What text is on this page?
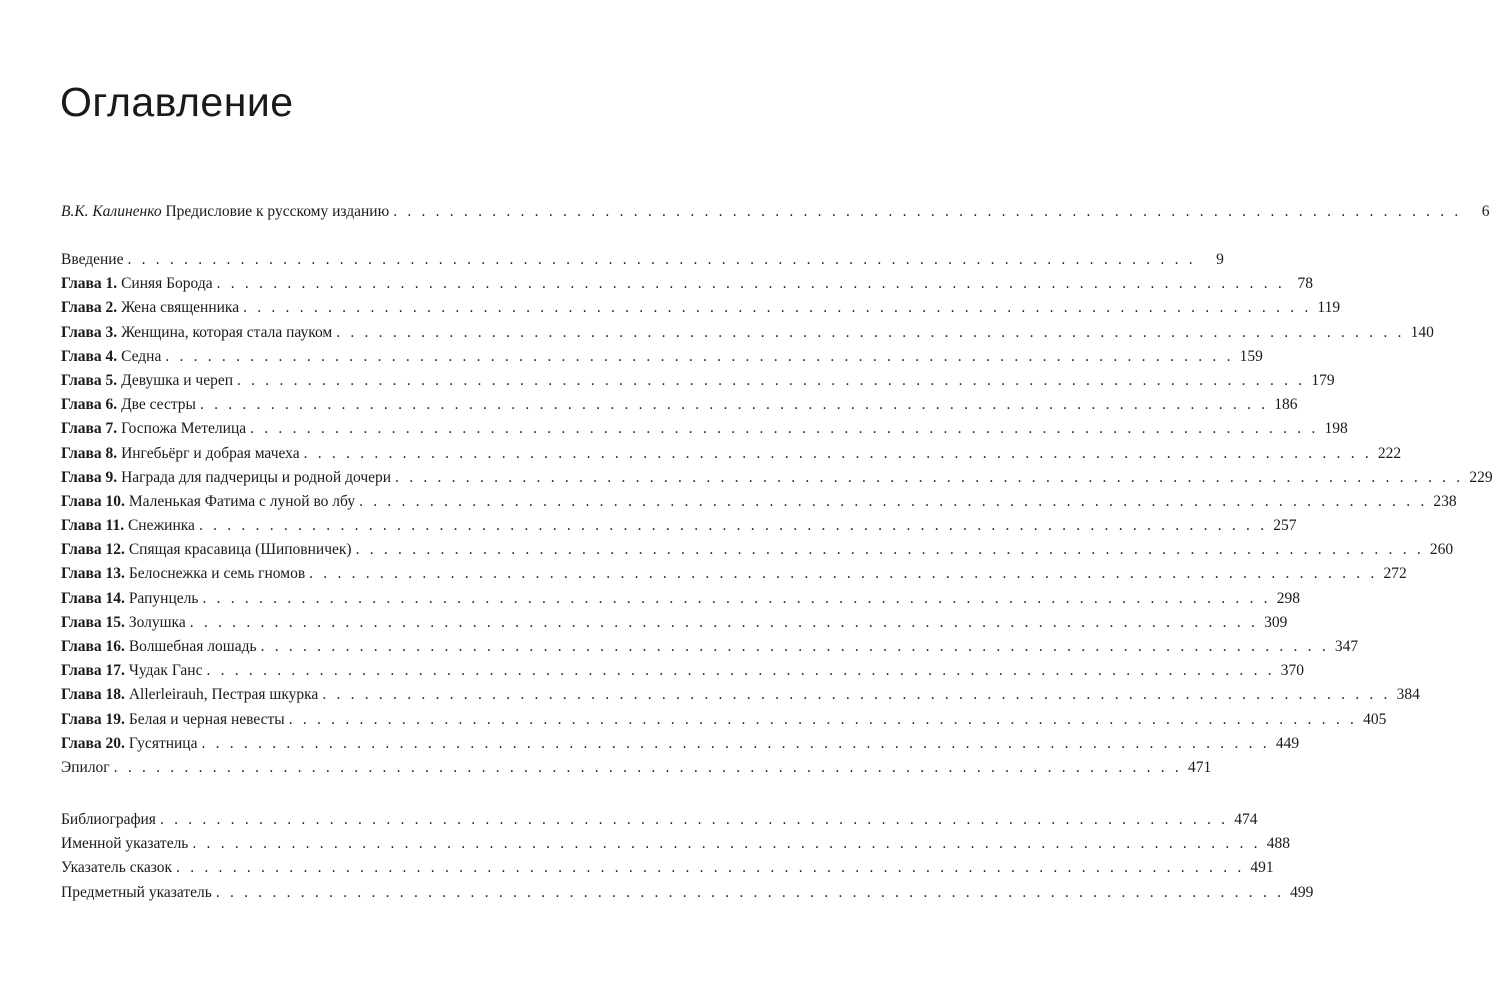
Оглавление
В.К. Калиненко Предисловие к русскому изданию . . . . . . . . . . . . . . . . . . . . . . . . . . . . . . . . . . . . . . . . . . . . . . . . . . . . . . . . . . . . . . . . . . . . . . . . . . . .	6
Введение . . . . . . . . . . . . . . . . . . . . . . . . . . . . . . . . . . . . . . . . . . . . . . . . . . . . . . . . . . . . . . . . . . . . . . . . . . . .	9
Глава 1. Синяя Борода . . . . . . . . . . . . . . . . . . . . . . . . . . . . . . . . . . . . . . . . . . . . . . . . . . . . . . . . . . . . . . . . . . . . . . . . . . . . 78
Глава 2. Жена священника . . . . . . . . . . . . . . . . . . . . . . . . . . . . . . . . . . . . . . . . . . . . . . . . . . . . . . . . . . . . . . . . . . . . . . . . . . . . 119
Глава 3. Женщина, которая стала пауком . . . . . . . . . . . . . . . . . . . . . . . . . . . . . . . . . . . . . . . . . . . . . . . . . . . . . . . . . . . . . . . . . . . . . . . . . . . . 140
Глава 4. Седна . . . . . . . . . . . . . . . . . . . . . . . . . . . . . . . . . . . . . . . . . . . . . . . . . . . . . . . . . . . . . . . . . . . . . . . . . . . . 159
Глава 5. Девушка и череп . . . . . . . . . . . . . . . . . . . . . . . . . . . . . . . . . . . . . . . . . . . . . . . . . . . . . . . . . . . . . . . . . . . . . . . . . . . . 179
Глава 6. Две сестры . . . . . . . . . . . . . . . . . . . . . . . . . . . . . . . . . . . . . . . . . . . . . . . . . . . . . . . . . . . . . . . . . . . . . . . . . . . . 186
Глава 7. Госпожа Метелица . . . . . . . . . . . . . . . . . . . . . . . . . . . . . . . . . . . . . . . . . . . . . . . . . . . . . . . . . . . . . . . . . . . . . . . . . . . . 198
Глава 8. Ингебьёрг и добрая мачеха . . . . . . . . . . . . . . . . . . . . . . . . . . . . . . . . . . . . . . . . . . . . . . . . . . . . . . . . . . . . . . . . . . . . . . . . . . . . 222
Глава 9. Награда для падчерицы и родной дочери . . . . . . . . . . . . . . . . . . . . . . . . . . . . . . . . . . . . . . . . . . . . . . . . . . . . . . . . . . . . . . . . . . . . . . . . . . . . 229
Глава 10. Маленькая Фатима с луной во лбу . . . . . . . . . . . . . . . . . . . . . . . . . . . . . . . . . . . . . . . . . . . . . . . . . . . . . . . . . . . . . . . . . . . . . . . . . . . . 238
Глава 11. Снежинка . . . . . . . . . . . . . . . . . . . . . . . . . . . . . . . . . . . . . . . . . . . . . . . . . . . . . . . . . . . . . . . . . . . . . . . . . . . . 257
Глава 12. Спящая красавица (Шиповничек) . . . . . . . . . . . . . . . . . . . . . . . . . . . . . . . . . . . . . . . . . . . . . . . . . . . . . . . . . . . . . . . . . . . . . . . . . . . . 260
Глава 13. Белоснежка и семь гномов . . . . . . . . . . . . . . . . . . . . . . . . . . . . . . . . . . . . . . . . . . . . . . . . . . . . . . . . . . . . . . . . . . . . . . . . . . . . 272
Глава 14. Рапунцель . . . . . . . . . . . . . . . . . . . . . . . . . . . . . . . . . . . . . . . . . . . . . . . . . . . . . . . . . . . . . . . . . . . . . . . . . . . . 298
Глава 15. Золушка . . . . . . . . . . . . . . . . . . . . . . . . . . . . . . . . . . . . . . . . . . . . . . . . . . . . . . . . . . . . . . . . . . . . . . . . . . . . 309
Глава 16. Волшебная лошадь . . . . . . . . . . . . . . . . . . . . . . . . . . . . . . . . . . . . . . . . . . . . . . . . . . . . . . . . . . . . . . . . . . . . . . . . . . . . 347
Глава 17. Чудак Ганс . . . . . . . . . . . . . . . . . . . . . . . . . . . . . . . . . . . . . . . . . . . . . . . . . . . . . . . . . . . . . . . . . . . . . . . . . . . . 370
Глава 18. Allerleirauh, Пестрая шкурка . . . . . . . . . . . . . . . . . . . . . . . . . . . . . . . . . . . . . . . . . . . . . . . . . . . . . . . . . . . . . . . . . . . . . . . . . . . . 384
Глава 19. Белая и черная невесты . . . . . . . . . . . . . . . . . . . . . . . . . . . . . . . . . . . . . . . . . . . . . . . . . . . . . . . . . . . . . . . . . . . . . . . . . . . . 405
Глава 20. Гусятница . . . . . . . . . . . . . . . . . . . . . . . . . . . . . . . . . . . . . . . . . . . . . . . . . . . . . . . . . . . . . . . . . . . . . . . . . . . . 449
Эпилог . . . . . . . . . . . . . . . . . . . . . . . . . . . . . . . . . . . . . . . . . . . . . . . . . . . . . . . . . . . . . . . . . . . . . . . . . . . . 471
Библиография . . . . . . . . . . . . . . . . . . . . . . . . . . . . . . . . . . . . . . . . . . . . . . . . . . . . . . . . . . . . . . . . . . . . . . . . . . . . 474
Именной указатель . . . . . . . . . . . . . . . . . . . . . . . . . . . . . . . . . . . . . . . . . . . . . . . . . . . . . . . . . . . . . . . . . . . . . . . . . . . . 488
Указатель сказок . . . . . . . . . . . . . . . . . . . . . . . . . . . . . . . . . . . . . . . . . . . . . . . . . . . . . . . . . . . . . . . . . . . . . . . . . . . . 491
Предметный указатель . . . . . . . . . . . . . . . . . . . . . . . . . . . . . . . . . . . . . . . . . . . . . . . . . . . . . . . . . . . . . . . . . . . . . . . . . . . . 499
